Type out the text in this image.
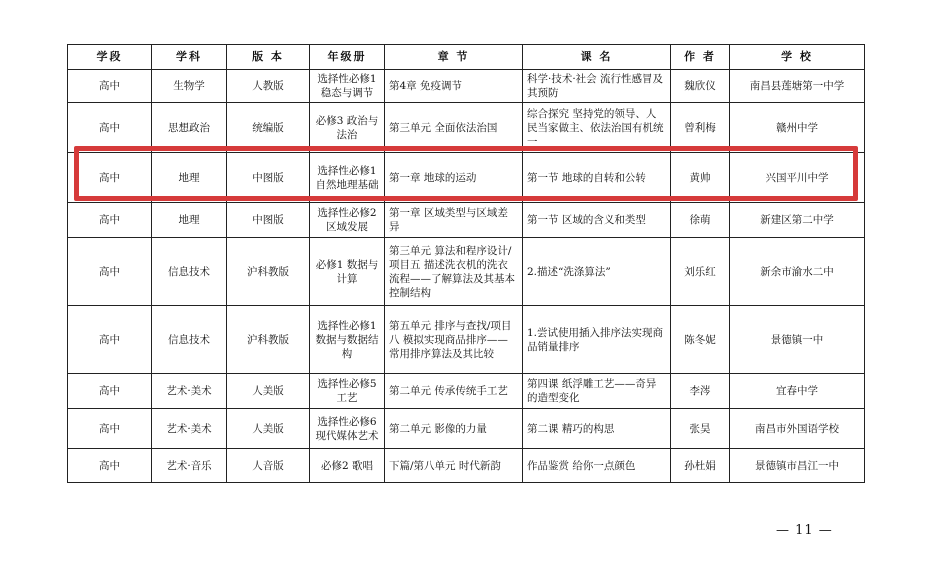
学段	学科	版 本	年级册	章 节	课 名	作 者	学 校
高中	生物学	人教版	选择性必修1稳态与调节	第4章 免疫调节	科学·技术·社会 流行性感冒及其预防	魏欣仪	南昌县莲塘第一中学
高中	思想政治	统编版	必修3 政治与法治	第三单元 全面依法治国	综合探究 坚持党的领导、人民当家做主、依法治国有机统一	曾利梅	赣州中学
高中	地理	中图版	选择性必修1 自然地理基础	第一章 地球的运动	第一节 地球的自转和公转	黄帅	兴国平川中学
高中	地理	中图版	选择性必修2 区域发展	第一章 区域类型与区域差异	第一节 区域的含义和类型	徐萌	新建区第二中学
高中	信息技术	沪科教版	必修1 数据与计算	第三单元 算法和程序设计/项目五 描述洗衣机的洗衣流程——了解算法及其基本控制结构	2.描述“洗涤算法”	刘乐红	新余市渝水二中
高中	信息技术	沪科教版	选择性必修1 数据与数据结构	第五单元 排序与查找/项目八 模拟实现商品排序——常用排序算法及其比较	1.尝试使用插入排序法实现商品销量排序	陈冬妮	景德镇一中
高中	艺术·美术	人美版	选择性必修5 工艺	第二单元 传承传统手工艺	第四课 纸浮雕工艺——奇异的造型变化	李涔	宜春中学
高中	艺术·美术	人美版	选择性必修6 现代媒体艺术	第二单元 影像的力量	第二课 精巧的构思	张昊	南昌市外国语学校
高中	艺术·音乐	人音版	必修2 歌唱	下篇/第八单元 时代新韵	作品鉴赏 给你一点颜色	孙杜娟	景德镇市昌江一中
— 11 —
